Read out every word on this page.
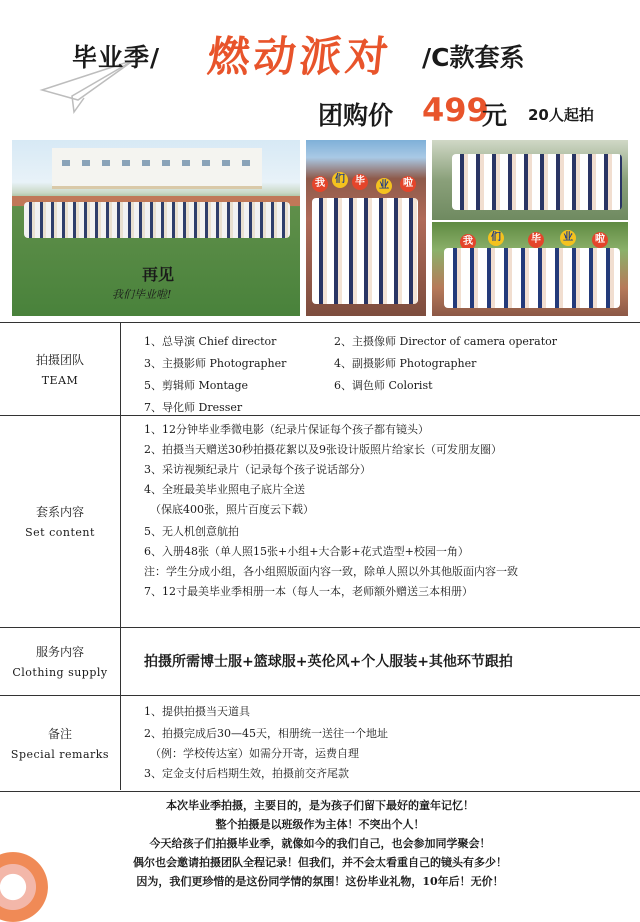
毕业季/ 燃动派对 /C款套系
团购价 499
元 20人起拍
再见
我们毕业啦!
我	们	毕	业	啦
我	们	毕	业	啦
拍摄团队
TEAM
1、总导演 Chief director	2、主摄像师 Director of camera operator
3、主摄影师 Photographer	4、副摄影师 Photographer
5、剪辑师 Montage	6、调色师 Colorist
7、导化师 Dresser
套系内容
Set content
1、12分钟毕业季微电影（纪录片保证每个孩子都有镜头）
2、拍摄当天赠送30秒拍摄花絮以及9张设计版照片给家长（可发朋友圈）
3、采访视频纪录片（记录每个孩子说话部分）
4、全班最美毕业照电子底片全送
（保底400张，照片百度云下载）
5、无人机创意航拍
6、入册48张（单人照15张+小组+大合影+花式造型+校园一角）
注：学生分成小组，各小组照版面内容一致，除单人照以外其他版面内容一致
7、12寸最美毕业季相册一本（每人一本，老师额外赠送三本相册）
服务内容
Clothing supply
拍摄所需博士服+篮球服+英伦风+个人服装+其他环节跟拍
备注
Special remarks
1、提供拍摄当天道具
2、拍摄完成后30—45天，相册统一送往一个地址
（例：学校传达室）如需分开寄，运费自理
3、定金支付后档期生效，拍摄前交齐尾款
本次毕业季拍摄，主要目的，是为孩子们留下最好的童年记忆！
整个拍摄是以班级作为主体！不突出个人！
今天给孩子们拍摄毕业季，就像如今的我们自己，也会参加同学聚会！
偶尔也会邀请拍摄团队全程记录！但我们，并不会太看重自己的镜头有多少！
因为，我们更珍惜的是这份同学情的氛围！这份毕业礼物，10年后！无价！
